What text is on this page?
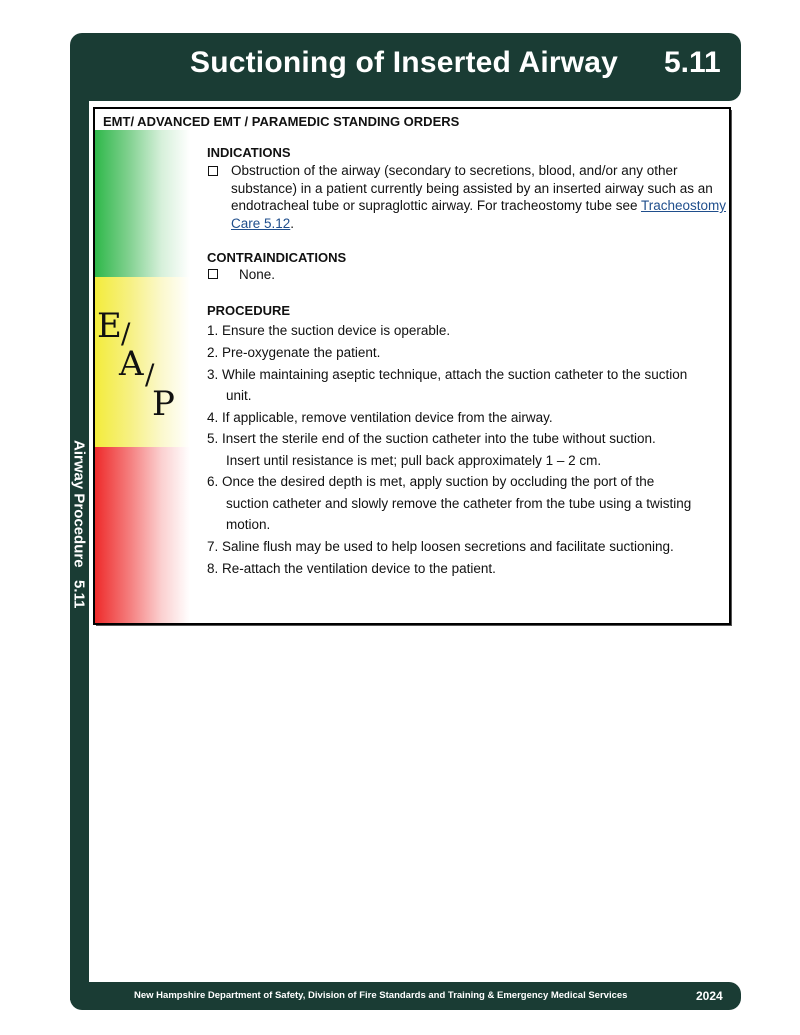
Suctioning of Inserted Airway 5.11
Airway Procedure   5.11
New Hampshire Department of Safety, Division of Fire Standards and Training & Emergency Medical Services	2024
E /
A /
P
EMT/ ADVANCED EMT / PARAMEDIC STANDING ORDERS
INDICATIONS
Obstruction of the airway (secondary to secretions, blood, and/or any other substance) in a patient currently being assisted by an inserted airway such as an endotracheal tube or supraglottic airway. For tracheostomy tube see Tracheostomy Care 5.12.
CONTRAINDICATIONS
None.
PROCEDURE
1. Ensure the suction device is operable.
2. Pre-oxygenate the patient.
3. While maintaining aseptic technique, attach the suction catheter to the suction
unit.
4. If applicable, remove ventilation device from the airway.
5. Insert the sterile end of the suction catheter into the tube without suction.
Insert until resistance is met; pull back approximately 1 – 2 cm.
6. Once the desired depth is met, apply suction by occluding the port of the
suction catheter and slowly remove the catheter from the tube using a twisting
motion.
7. Saline flush may be used to help loosen secretions and facilitate suctioning.
8. Re-attach the ventilation device to the patient.
